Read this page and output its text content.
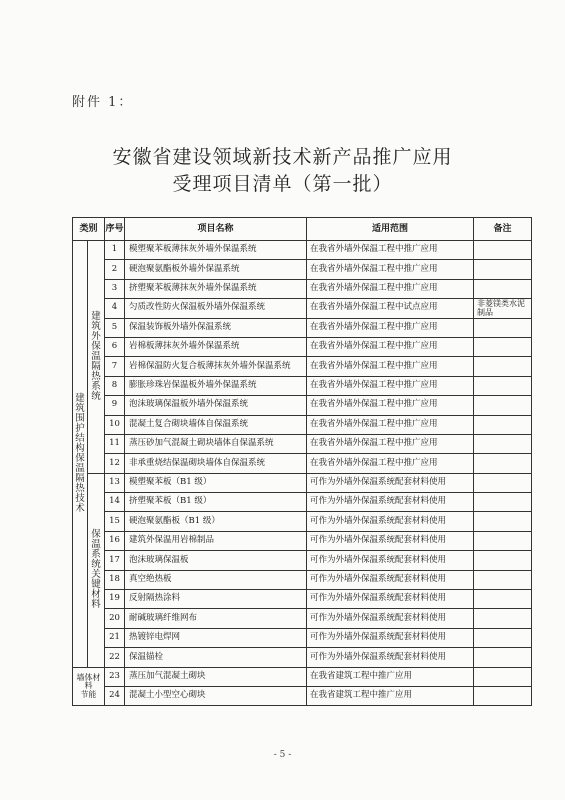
附件 1：
安徽省建设领域新技术新产品推广应用
受理项目清单（第一批）
类别		序号	项目名称	适用范围	备注
建筑围护结构保温隔热技术	建筑外保温隔热系统	1	模塑聚苯板薄抹灰外墙外保温系统	在我省外墙外保温工程中推广应用	
		2	硬泡聚氨酯板外墙外保温系统	在我省外墙外保温工程中推广应用	
		3	挤塑聚苯板薄抹灰外墙外保温系统	在我省外墙外保温工程中推广应用	
		4	匀质改性防火保温板外墙外保温系统	在我省外墙外保温工程中试点应用	非菱镁类水泥制品
		5	保温装饰板外墙外保温系统	在我省外墙外保温工程中推广应用	
		6	岩棉板薄抹灰外墙外保温系统	在我省外墙外保温工程中推广应用	
		7	岩棉保温防火复合板薄抹灰外墙外保温系统	在我省外墙外保温工程中推广应用	
		8	膨胀珍珠岩保温板外墙外保温系统	在我省外墙外保温工程中推广应用	
		9	泡沫玻璃保温板外墙外保温系统	在我省外墙外保温工程中推广应用	
		10	混凝土复合砌块墙体自保温系统	在我省外墙外保温工程中推广应用	
		11	蒸压砂加气混凝土砌块墙体自保温系统	在我省外墙外保温工程中推广应用	
		12	非承重烧结保温砌块墙体自保温系统	在我省外墙外保温工程中推广应用	
	保温系统关键材料	13	模塑聚苯板（B1 级）	可作为外墙外保温系统配套材料使用	
		14	挤塑聚苯板（B1 级）	可作为外墙外保温系统配套材料使用	
		15	硬泡聚氨酯板（B1 级）	可作为外墙外保温系统配套材料使用	
		16	建筑外保温用岩棉制品	可作为外墙外保温系统配套材料使用	
		17	泡沫玻璃保温板	可作为外墙外保温系统配套材料使用	
		18	真空绝热板	可作为外墙外保温系统配套材料使用	
		19	反射隔热涂料	可作为外墙外保温系统配套材料使用	
		20	耐碱玻璃纤维网布	可作为外墙外保温系统配套材料使用	
		21	热镀锌电焊网	可作为外墙外保温系统配套材料使用	
		22	保温锚栓	可作为外墙外保温系统配套材料使用	
墙体材料 节能		23	蒸压加气混凝土砌块	在我省建筑工程中推广应用	
		24	混凝土小型空心砌块	在我省建筑工程中推广应用	
- 5 -
